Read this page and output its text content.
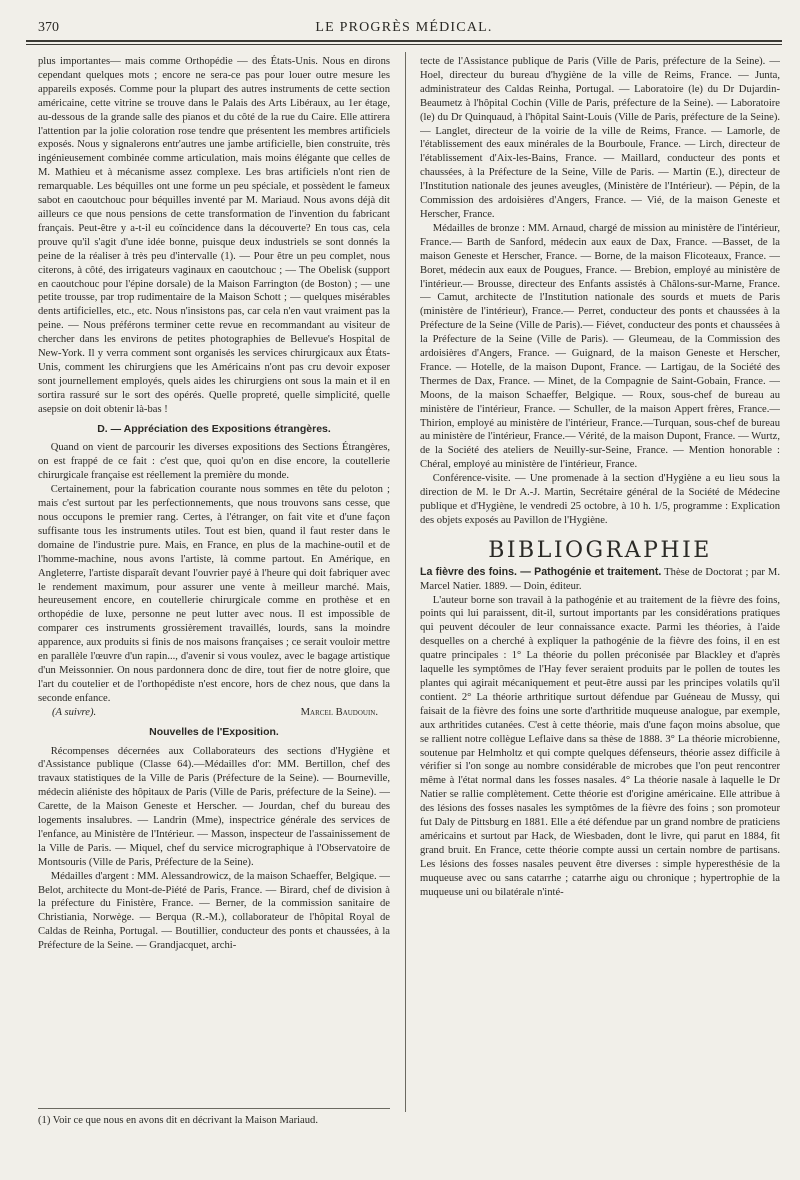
370	LE PROGRÈS MÉDICAL.

plus importantes— mais comme Orthopédie — des États-Unis. Nous en dirons cependant quelques mots ; encore ne sera-ce pas pour louer outre mesure les appareils exposés. Comme pour la plupart des autres instruments de cette section américaine, cette vitrine se trouve dans le Palais des Arts Libéraux, au 1er étage, au-dessous de la grande salle des pianos et du côté de la rue du Caire. Elle attirera l'attention par la jolie coloration rose tendre que présentent les membres artificiels exposés. Nous y signalerons entr'autres une jambe artificielle, bien construite, très ingénieusement combinée comme articulation, mais moins élégante que celles de M. Mathieu et à mécanisme assez complexe. Les bras artificiels n'ont rien de remarquable. Les béquilles ont une forme un peu spéciale, et possèdent le fameux sabot en caoutchouc pour béquilles inventé par M. Mariaud. Nous avons déjà dit ailleurs ce que nous pensions de cette transformation de l'invention du fabricant français. Peut-être y a-t-il eu coïncidence dans la découverte? En tous cas, cela prouve qu'il s'agit d'une idée bonne, puisque deux industriels se sont donnés la peine de la réaliser à très peu d'intervalle (1). — Pour être un peu complet, nous citerons, à côté, des irrigateurs vaginaux en caoutchouc ; — The Obelisk (support en caoutchouc pour l'épine dorsale) de la Maison Farrington (de Boston) ; — une petite trousse, par trop rudimentaire de la Maison Schott ; — quelques misérables dents artificielles, etc., etc. Nous n'insistons pas, car cela n'en vaut vraiment pas la peine. — Nous préférons terminer cette revue en recommandant au visiteur de chercher dans les environs de petites photographies de Bellevue's Hospital de New-York. Il y verra comment sont organisés les services chirurgicaux aux États-Unis, comment les chirurgiens que les Américains n'ont pas cru devoir exposer sont journellement employés, quels aides les chirurgiens ont sous la main et il en sortira rassuré sur le sort des opérés. Quelle propreté, quelle simplicité, quelle asepsie on doit obtenir là-bas !

D. — Appréciation des Expositions étrangères.

Quand on vient de parcourir les diverses expositions des Sections Étrangères, on est frappé de ce fait : c'est que, quoi qu'on en dise encore, la coutellerie chirurgicale française est réellement la première du monde.

Certainement, pour la fabrication courante nous sommes en tête du peloton ; mais c'est surtout par les perfectionnements, que nous trouvons sans cesse, que nous occupons le premier rang. Certes, à l'étranger, on fait vite et d'une façon suffisante tous les instruments utiles. Tout est bien, quand il faut rester dans le domaine de l'industrie pure. Mais, en France, en plus de la machine-outil et de l'homme-machine, nous avons l'artiste, là comme partout. En Amérique, en Angleterre, l'artiste disparaît devant l'ouvrier payé à l'heure qui doit fabriquer avec le rendement maximum, pour assurer une vente à meilleur marché. Mais, heureusement encore, en coutellerie chirurgicale comme en prothèse et en orthopédie de luxe, personne ne peut lutter avec nous. Il est impossible de comparer ces instruments grossièrement travaillés, lourds, sans la moindre apparence, aux produits si finis de nos maisons françaises ; ce serait vouloir mettre en parallèle l'œuvre d'un rapin..., d'avenir si vous voulez, avec le bagage artistique d'un Meissonnier. On nous pardonnera donc de dire, tout fier de notre gloire, que l'art du coutelier et de l'orthopédiste n'est encore, hors de chez nous, que dans la seconde enfance.

(A suivre).	Marcel Baudouin.
Nouvelles de l'Exposition.

Récompenses décernées aux Collaborateurs des sections d'Hygiène et d'Assistance publique (Classe 64).—Médailles d'or: MM. Bertillon, chef des travaux statistiques de la Ville de Paris (Préfecture de la Seine). — Bourneville, médecin aliéniste des hôpitaux de Paris (Ville de Paris, préfecture de la Seine). — Carette, de la Maison Geneste et Herscher. — Jourdan, chef du bureau des logements insalubres. — Landrin (Mme), inspectrice générale des services de l'enfance, au Ministère de l'Intérieur. — Masson, inspecteur de l'assainissement de la Ville de Paris. — Miquel, chef du service micrographique à l'Observatoire de Montsouris (Ville de Paris, Préfecture de la Seine).

Médailles d'argent : MM. Alessandrowicz, de la maison Schaeffer, Belgique. — Belot, architecte du Mont-de-Piété de Paris, France. — Birard, chef de division à la préfecture du Finistère, France. — Berner, de la commission sanitaire de Christiania, Norwège. — Berqua (R.-M.), collaborateur de l'hôpital Royal de Caldas de Reinha, Portugal. — Boutillier, conducteur des ponts et chaussées, à la Préfecture de la Seine. — Grandjacquet, archi-

tecte de l'Assistance publique de Paris (Ville de Paris, préfecture de la Seine). — Hoel, directeur du bureau d'hygiène de la ville de Reims, France. — Junta, administrateur des Caldas Reinha, Portugal. — Laboratoire (le) du Dr Dujardin-Beaumetz à l'hôpital Cochin (Ville de Paris, préfecture de la Seine). — Laboratoire (le) du Dr Quinquaud, à l'hôpital Saint-Louis (Ville de Paris, préfecture de la Seine). — Langlet, directeur de la voirie de la ville de Reims, France. — Lamorle, de l'établissement des eaux minérales de la Bourboule, France. — Lirch, directeur de l'établissement d'Aix-les-Bains, France. — Maillard, conducteur des ponts et chaussées, à la Préfecture de la Seine, Ville de Paris. — Martin (E.), directeur de l'Institution nationale des jeunes aveugles, (Ministère de l'Intérieur). — Pépin, de la Commission des ardoisières d'Angers, France. — Vié, de la maison Geneste et Herscher, France.

Médailles de bronze : MM. Arnaud, chargé de mission au ministère de l'intérieur, France.— Barth de Sanford, médecin aux eaux de Dax, France. —Basset, de la maison Geneste et Herscher, France. — Borne, de la maison Flicoteaux, France. — Boret, médecin aux eaux de Pougues, France. — Brebion, employé au ministère de l'intérieur.— Brousse, directeur des Enfants assistés à Châlons-sur-Marne, France. — Camut, architecte de l'Institution nationale des sourds et muets de Paris (ministère de l'intérieur), France.— Perret, conducteur des ponts et chaussées à la Préfecture de la Seine (Ville de Paris).— Fiévet, conducteur des ponts et chaussées à la Préfecture de la Seine (Ville de Paris). — Gleumeau, de la Commission des ardoisières d'Angers, France. — Guignard, de la maison Geneste et Herscher, France. — Hotelle, de la maison Dupont, France. — Lartigau, de la Société des Thermes de Dax, France. — Minet, de la Compagnie de Saint-Gobain, France. — Moons, de la maison Schaeffer, Belgique. — Roux, sous-chef de bureau au ministère de l'intérieur, France. — Schuller, de la maison Appert frères, France.— Thirion, employé au ministère de l'intérieur, France.—Turquan, sous-chef de bureau au ministère de l'intérieur, France.— Vérité, de la maison Dupont, France. — Wurtz, de la Société des ateliers de Neuilly-sur-Seine, France. — Mention honorable : Chéral, employé au ministère de l'intérieur, France.

Conférence-visite. — Une promenade à la section d'Hygiène a eu lieu sous la direction de M. le Dr A.-J. Martin, Secrétaire général de la Société de Médecine publique et d'Hygiène, le vendredi 25 octobre, à 10 h. 1/5, programme : Explication des objets exposés au Pavillon de l'Hygiène.

BIBLIOGRAPHIE

La fièvre des foins. — Pathogénie et traitement. Thèse de Doctorat ; par M. Marcel Natier. 1889. — Doin, éditeur.

L'auteur borne son travail à la pathogénie et au traitement de la fièvre des foins, points qui lui paraissent, dit-il, surtout importants par les considérations pratiques qui peuvent découler de leur connaissance exacte. Parmi les théories, à l'aide desquelles on a cherché à expliquer la pathogénie de la fièvre des foins, il en est quatre principales : 1° La théorie du pollen préconisée par Blackley et d'après laquelle les symptômes de l'Hay fever seraient produits par le pollen de toutes les plantes qui agirait mécaniquement et peut-être aussi par les principes volatils qu'il contient. 2° La théorie arthritique surtout défendue par Guéneau de Mussy, qui faisait de la fièvre des foins une sorte d'arthritide muqueuse analogue, par exemple, aux arthritides cutanées. C'est à cette théorie, mais d'une façon moins absolue, que se rallient notre collègue Leflaive dans sa thèse de 1888. 3° La théorie microbienne, soutenue par Helmholtz et qui compte quelques défenseurs, théorie assez difficile à vérifier si l'on songe au nombre considérable de microbes que l'on peut rencontrer même à l'état normal dans les fosses nasales. 4° La théorie nasale à laquelle le Dr Natier se rallie complètement. Cette théorie est d'origine américaine. Elle attribue à des lésions des fosses nasales les symptômes de la fièvre des foins ; son promoteur fut Daly de Pittsburg en 1881. Elle a été défendue par un grand nombre de praticiens américains et surtout par Hack, de Wiesbaden, dont le livre, qui parut en 1884, fit grand bruit. En France, cette théorie compte aussi un certain nombre de partisans. Les lésions des fosses nasales peuvent être diverses : simple hyperesthésie de la muqueuse avec ou sans catarrhe ; catarrhe aigu ou chronique ; hypertrophie de la muqueuse uni ou bilatérale n'inté-

(1) Voir ce que nous en avons dit en décrivant la Maison Mariaud.
